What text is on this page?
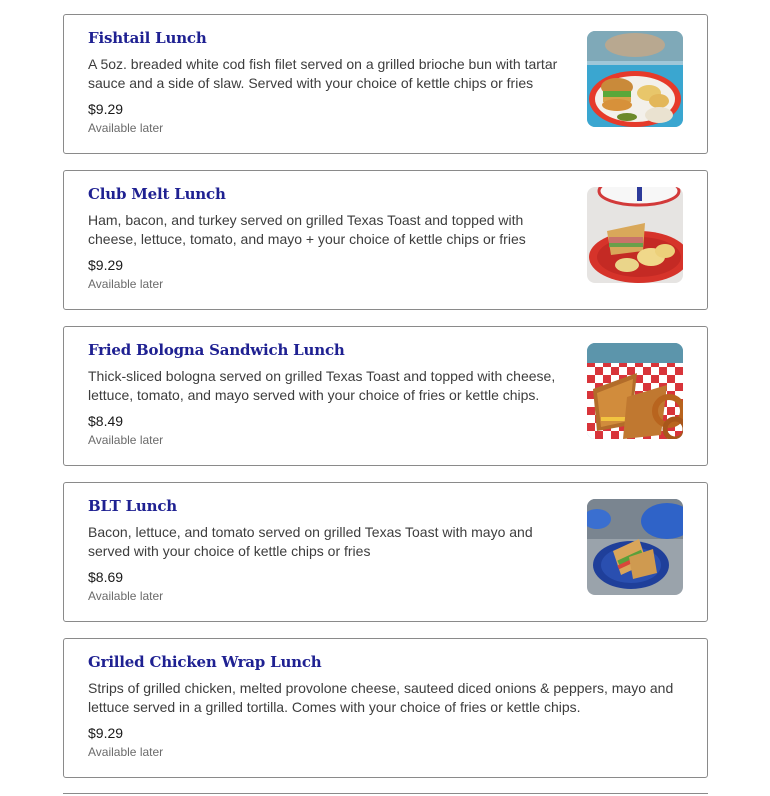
Fishtail Lunch
A 5oz. breaded white cod fish filet served on a grilled brioche bun with tartar sauce and a side of slaw. Served with your choice of kettle chips or fries
$9.29
Available later
Club Melt Lunch
Ham, bacon, and turkey served on grilled Texas Toast and topped with cheese, lettuce, tomato, and mayo + your choice of kettle chips or fries
$9.29
Available later
Fried Bologna Sandwich Lunch
Thick-sliced bologna served on grilled Texas Toast and topped with cheese, lettuce, tomato, and mayo served with your choice of fries or kettle chips.
$8.49
Available later
BLT Lunch
Bacon, lettuce, and tomato served on grilled Texas Toast with mayo and served with your choice of kettle chips or fries
$8.69
Available later
Grilled Chicken Wrap Lunch
Strips of grilled chicken, melted provolone cheese, sauteed diced onions & peppers, mayo and lettuce served in a grilled tortilla. Comes with your choice of fries or kettle chips.
$9.29
Available later
